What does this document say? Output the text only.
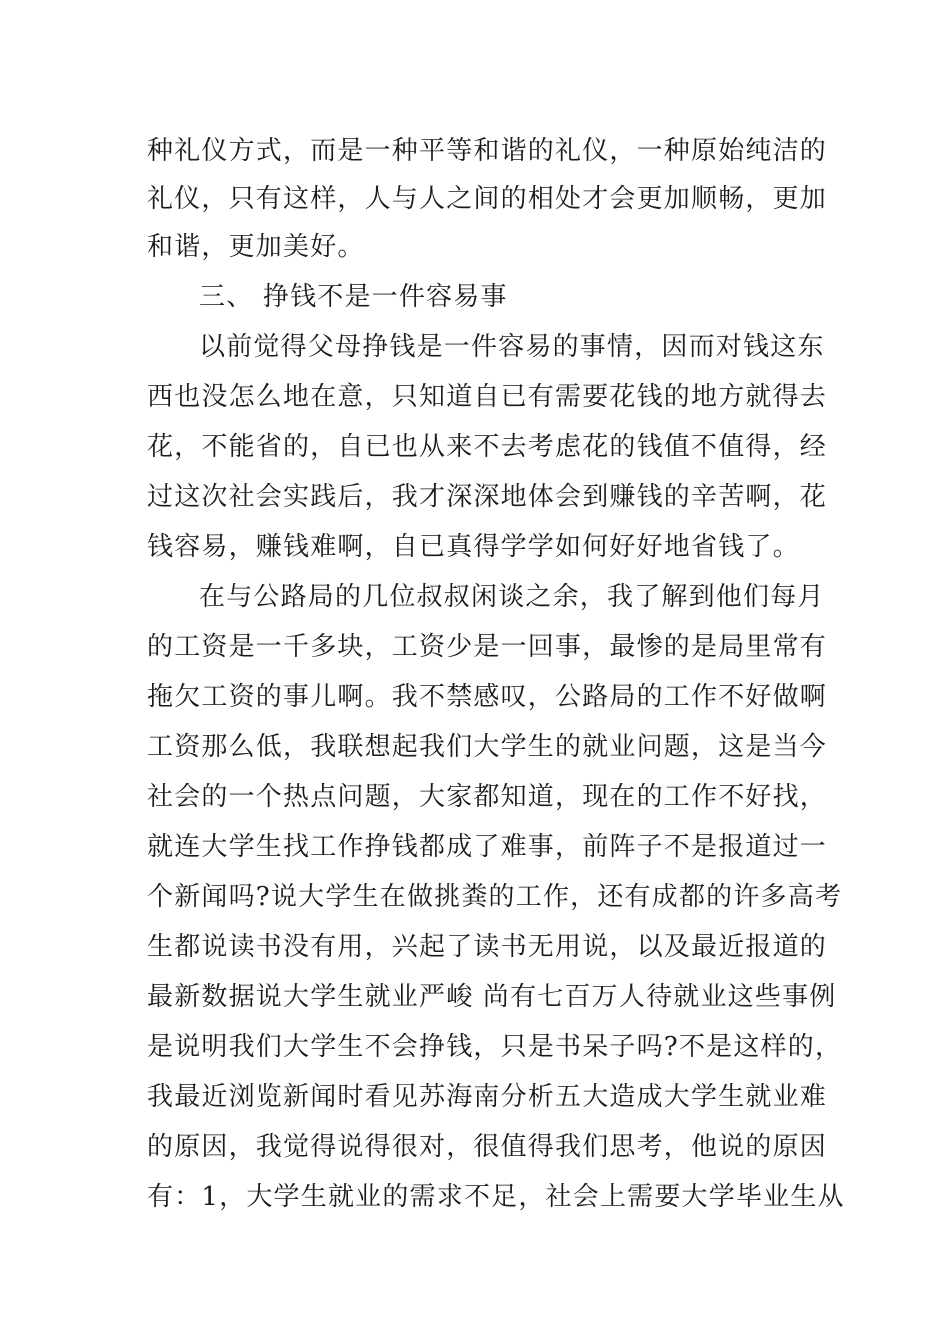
种礼仪方式，而是一种平等和谐的礼仪，一种原始纯洁的
礼仪，只有这样，人与人之间的相处才会更加顺畅，更加
和谐，更加美好。
三、 挣钱不是一件容易事
以前觉得父母挣钱是一件容易的事情，因而对钱这东
西也没怎么地在意，只知道自已有需要花钱的地方就得去
花，不能省的，自已也从来不去考虑花的钱值不值得，经
过这次社会实践后，我才深深地体会到赚钱的辛苦啊，花
钱容易，赚钱难啊，自已真得学学如何好好地省钱了。
在与公路局的几位叔叔闲谈之余，我了解到他们每月
的工资是一千多块，工资少是一回事，最惨的是局里常有
拖欠工资的事儿啊。我不禁感叹，公路局的工作不好做啊
工资那么低，我联想起我们大学生的就业问题，这是当今
社会的一个热点问题，大家都知道，现在的工作不好找，
就连大学生找工作挣钱都成了难事，前阵子不是报道过一
个新闻吗?说大学生在做挑粪的工作，还有成都的许多高考
生都说读书没有用，兴起了读书无用说，以及最近报道的
最新数据说大学生就业严峻 尚有七百万人待就业这些事例
是说明我们大学生不会挣钱，只是书呆子吗?不是这样的，
我最近浏览新闻时看见苏海南分析五大造成大学生就业难
的原因，我觉得说得很对，很值得我们思考，他说的原因
有：1，大学生就业的需求不足，社会上需要大学毕业生从
